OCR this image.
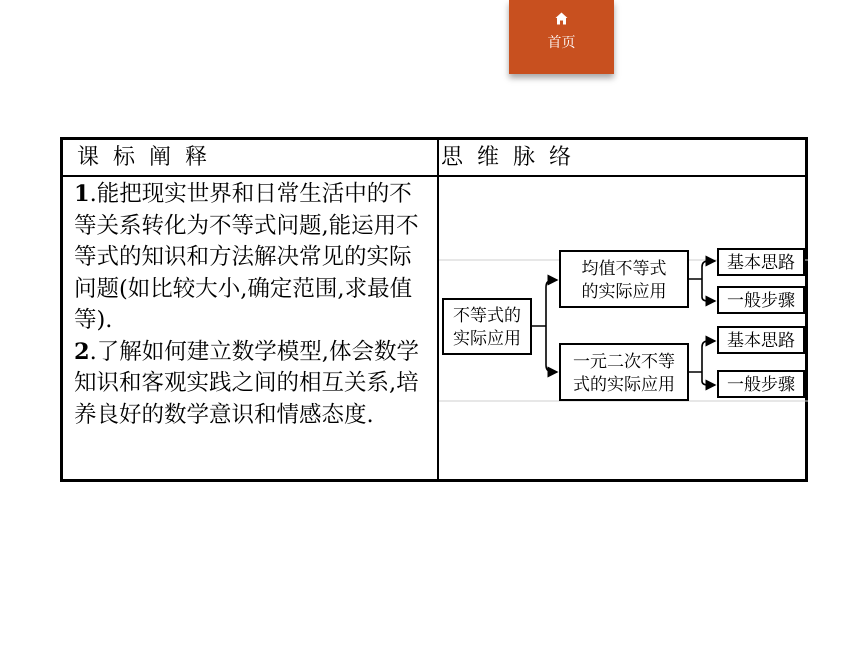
首页
课标阐释	思维脉络

1.能把现实世界和日常生活中的不等关系转化为不等式问题,能运用不等式的知识和方法解决常见的实际问题(如比较大小,确定范围,求最值等).

2.了解如何建立数学模型,体会数学知识和客观实践之间的相互关系,培养良好的数学意识和情感态度.

不等式的
实际应用
均值不等式
的实际应用
基本思路
一般步骤
一元二次不等
式的实际应用
基本思路
一般步骤
